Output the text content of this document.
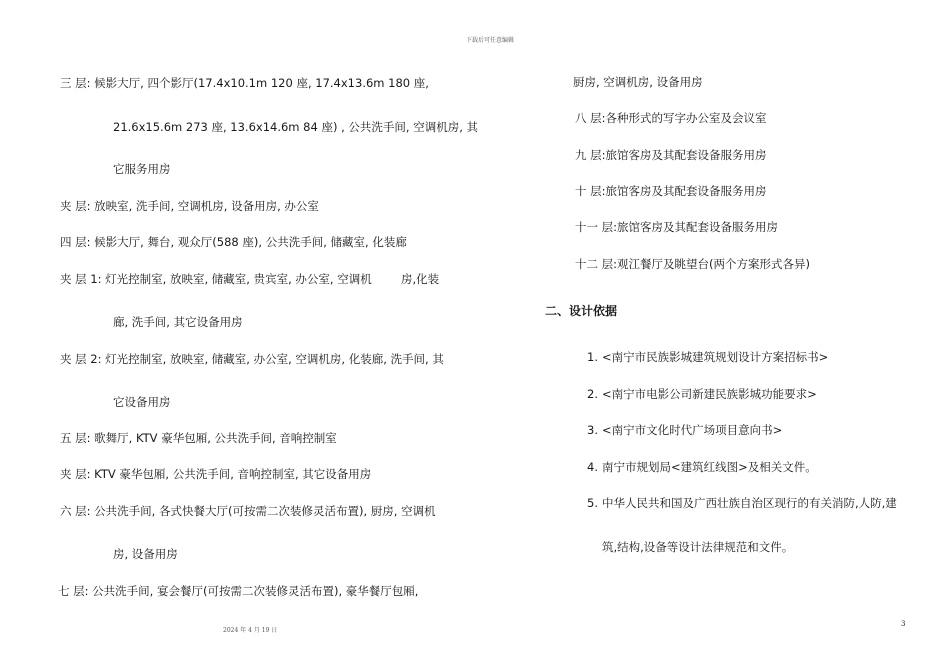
下载后可任意编辑
三 层: 候影大厅, 四个影厅(17.4x10.1m 120 座, 17.4x13.6m 180 座,
21.6x15.6m 273 座, 13.6x14.6m 84 座) , 公共洗手间, 空调机房, 其
它服务用房
夹 层: 放映室, 洗手间, 空调机房, 设备用房, 办公室
四 层: 候影大厅, 舞台, 观众厅(588 座), 公共洗手间, 储藏室, 化装廊
夹 层 1: 灯光控制室, 放映室, 储藏室, 贵宾室, 办公室, 空调机	房,化装
廊, 洗手间, 其它设备用房
夹 层 2: 灯光控制室, 放映室, 储藏室, 办公室, 空调机房, 化装廊, 洗手间, 其
它设备用房
五 层: 歌舞厅, KTV 豪华包厢, 公共洗手间, 音响控制室
夹 层: KTV 豪华包厢, 公共洗手间, 音响控制室, 其它设备用房
六 层: 公共洗手间, 各式快餐大厅(可按需二次装修灵活布置), 厨房, 空调机
房, 设备用房
七 层: 公共洗手间, 宴会餐厅(可按需二次装修灵活布置), 豪华餐厅包厢,
厨房, 空调机房, 设备用房
八 层:各种形式的写字办公室及会议室
九 层:旅馆客房及其配套设备服务用房
十 层:旅馆客房及其配套设备服务用房
十一 层:旅馆客房及其配套设备服务用房
十二 层:观江餐厅及眺望台(两个方案形式各异)
二、设计依据
1. <南宁市民族影城建筑规划设计方案招标书>
2. <南宁市电影公司新建民族影城功能要求>
3. <南宁市文化时代广场项目意向书>
4. 南宁市规划局<建筑红线图>及相关文件。
5. 中华人民共和国及广西壮族自治区现行的有关消防,人防,建
筑,结构,设备等设计法律规范和文件。
3
2024 年 4 月 19 日
